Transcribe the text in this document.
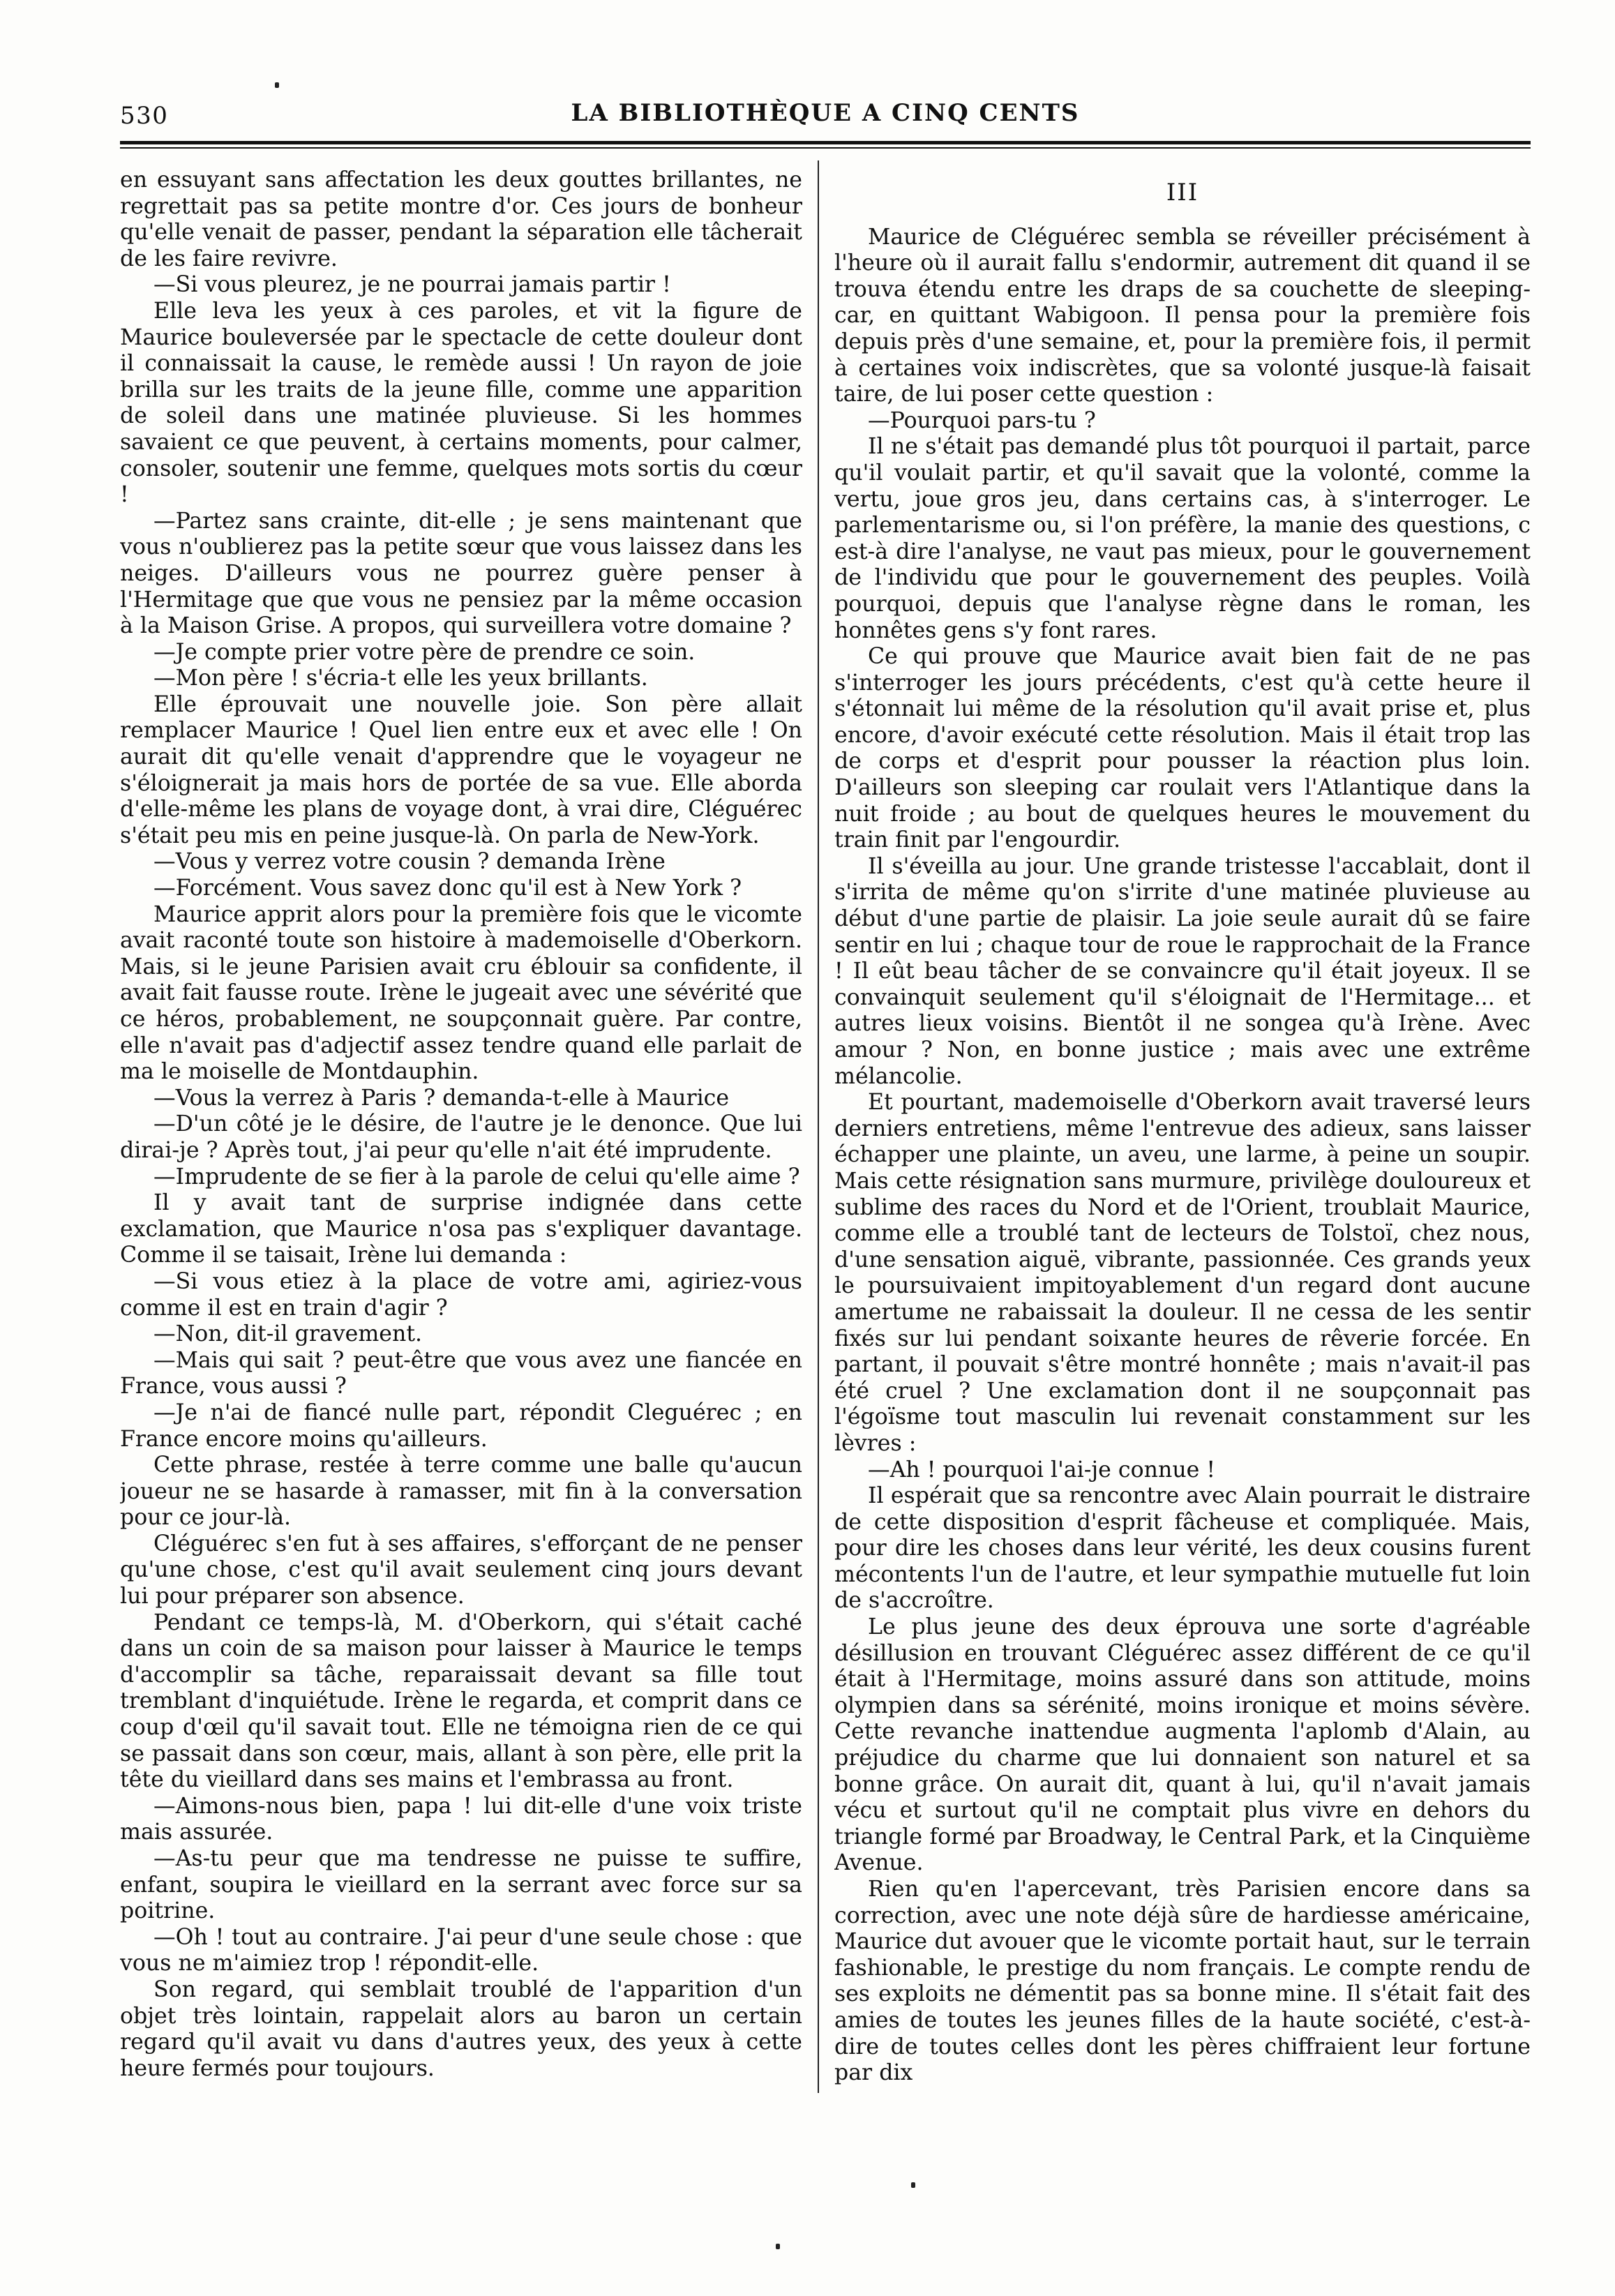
530	LA BIBLIOTHÈQUE A CINQ CENTS

en essuyant sans affectation les deux gouttes brillantes, ne regrettait pas sa petite montre d'or. Ces jours de bonheur qu'elle venait de passer, pendant la séparation elle tâcherait de les faire revivre.

—Si vous pleurez, je ne pourrai jamais partir !

Elle leva les yeux à ces paroles, et vit la figure de Maurice bouleversée par le spectacle de cette douleur dont il connaissait la cause, le remède aussi ! Un rayon de joie brilla sur les traits de la jeune fille, comme une apparition de soleil dans une matinée pluvieuse. Si les hommes savaient ce que peuvent, à certains moments, pour calmer, consoler, soutenir une femme, quelques mots sortis du cœur !

—Partez sans crainte, dit-elle ; je sens maintenant que vous n'oublierez pas la petite sœur que vous laissez dans les neiges. D'ailleurs vous ne pourrez guère penser à l'Hermitage que que vous ne pensiez par la même occasion à la Maison Grise. A propos, qui surveillera votre domaine ?

—Je compte prier votre père de prendre ce soin.

—Mon père ! s'écria-t elle les yeux brillants.

Elle éprouvait une nouvelle joie. Son père allait remplacer Maurice ! Quel lien entre eux et avec elle ! On aurait dit qu'elle venait d'apprendre que le voyageur ne s'éloignerait ja mais hors de portée de sa vue. Elle aborda d'elle-même les plans de voyage dont, à vrai dire, Cléguérec s'était peu mis en peine jusque-là. On parla de New-York.

—Vous y verrez votre cousin ? demanda Irène

—Forcément. Vous savez donc qu'il est à New York ?

Maurice apprit alors pour la première fois que le vicomte avait raconté toute son histoire à mademoiselle d'Oberkorn. Mais, si le jeune Parisien avait cru éblouir sa confidente, il avait fait fausse route. Irène le jugeait avec une sévérité que ce héros, probablement, ne soupçonnait guère. Par contre, elle n'avait pas d'adjectif assez tendre quand elle parlait de ma le moiselle de Montdauphin.

—Vous la verrez à Paris ? demanda-t-elle à Maurice

—D'un côté je le désire, de l'autre je le denonce. Que lui dirai-je ? Après tout, j'ai peur qu'elle n'ait été imprudente.

—Imprudente de se fier à la parole de celui qu'elle aime ?

Il y avait tant de surprise indignée dans cette exclamation, que Maurice n'osa pas s'expliquer davantage. Comme il se taisait, Irène lui demanda :

—Si vous etiez à la place de votre ami, agiriez-vous comme il est en train d'agir ?

—Non, dit-il gravement.

—Mais qui sait ? peut-être que vous avez une fiancée en France, vous aussi ?

—Je n'ai de fiancé nulle part, répondit Cleguérec ; en France encore moins qu'ailleurs.

Cette phrase, restée à terre comme une balle qu'aucun joueur ne se hasarde à ramasser, mit fin à la conversation pour ce jour-là.

Cléguérec s'en fut à ses affaires, s'efforçant de ne penser qu'une chose, c'est qu'il avait seulement cinq jours devant lui pour préparer son absence.

Pendant ce temps-là, M. d'Oberkorn, qui s'était caché dans un coin de sa maison pour laisser à Maurice le temps d'accomplir sa tâche, reparaissait devant sa fille tout tremblant d'inquiétude. Irène le regarda, et comprit dans ce coup d'œil qu'il savait tout. Elle ne témoigna rien de ce qui se passait dans son cœur, mais, allant à son père, elle prit la tête du vieillard dans ses mains et l'embrassa au front.

—Aimons-nous bien, papa ! lui dit-elle d'une voix triste mais assurée.

—As-tu peur que ma tendresse ne puisse te suffire, enfant, soupira le vieillard en la serrant avec force sur sa poitrine.

—Oh ! tout au contraire. J'ai peur d'une seule chose : que vous ne m'aimiez trop ! répondit-elle.

Son regard, qui semblait troublé de l'apparition d'un objet très lointain, rappelait alors au baron un certain regard qu'il avait vu dans d'autres yeux, des yeux à cette heure fermés pour toujours.

III

Maurice de Cléguérec sembla se réveiller précisément à l'heure où il aurait fallu s'endormir, autrement dit quand il se trouva étendu entre les draps de sa couchette de sleeping-car, en quittant Wabigoon. Il pensa pour la première fois depuis près d'une semaine, et, pour la première fois, il permit à certaines voix indiscrètes, que sa volonté jusque-là faisait taire, de lui poser cette question :

—Pourquoi pars-tu ?

Il ne s'était pas demandé plus tôt pourquoi il partait, parce qu'il voulait partir, et qu'il savait que la volonté, comme la vertu, joue gros jeu, dans certains cas, à s'interroger. Le parlementarisme ou, si l'on préfère, la manie des questions, c est-à dire l'analyse, ne vaut pas mieux, pour le gouvernement de l'individu que pour le gouvernement des peuples. Voilà pourquoi, depuis que l'analyse règne dans le roman, les honnêtes gens s'y font rares.

Ce qui prouve que Maurice avait bien fait de ne pas s'interroger les jours précédents, c'est qu'à cette heure il s'étonnait lui même de la résolution qu'il avait prise et, plus encore, d'avoir exécuté cette résolution. Mais il était trop las de corps et d'esprit pour pousser la réaction plus loin. D'ailleurs son sleeping car roulait vers l'Atlantique dans la nuit froide ; au bout de quelques heures le mouvement du train finit par l'engourdir.

Il s'éveilla au jour. Une grande tristesse l'accablait, dont il s'irrita de même qu'on s'irrite d'une matinée pluvieuse au début d'une partie de plaisir. La joie seule aurait dû se faire sentir en lui ; chaque tour de roue le rapprochait de la France ! Il eût beau tâcher de se convaincre qu'il était joyeux. Il se convainquit seulement qu'il s'éloignait de l'Hermitage... et autres lieux voisins. Bientôt il ne songea qu'à Irène. Avec amour ? Non, en bonne justice ; mais avec une extrême mélancolie.

Et pourtant, mademoiselle d'Oberkorn avait traversé leurs derniers entretiens, même l'entrevue des adieux, sans laisser échapper une plainte, un aveu, une larme, à peine un soupir. Mais cette résignation sans murmure, privilège douloureux et sublime des races du Nord et de l'Orient, troublait Maurice, comme elle a troublé tant de lecteurs de Tolstoï, chez nous, d'une sensation aiguë, vibrante, passionnée. Ces grands yeux le poursuivaient impitoyablement d'un regard dont aucune amertume ne rabaissait la douleur. Il ne cessa de les sentir fixés sur lui pendant soixante heures de rêverie forcée. En partant, il pouvait s'être montré honnête ; mais n'avait-il pas été cruel ? Une exclamation dont il ne soupçonnait pas l'égoïsme tout masculin lui revenait constamment sur les lèvres :

—Ah ! pourquoi l'ai-je connue !

Il espérait que sa rencontre avec Alain pourrait le distraire de cette disposition d'esprit fâcheuse et compliquée. Mais, pour dire les choses dans leur vérité, les deux cousins furent mécontents l'un de l'autre, et leur sympathie mutuelle fut loin de s'accroître.

Le plus jeune des deux éprouva une sorte d'agréable désillusion en trouvant Cléguérec assez différent de ce qu'il était à l'Hermitage, moins assuré dans son attitude, moins olympien dans sa sérénité, moins ironique et moins sévère. Cette revanche inattendue augmenta l'aplomb d'Alain, au préjudice du charme que lui donnaient son naturel et sa bonne grâce. On aurait dit, quant à lui, qu'il n'avait jamais vécu et surtout qu'il ne comptait plus vivre en dehors du triangle formé par Broadway, le Central Park, et la Cinquième Avenue.

Rien qu'en l'apercevant, très Parisien encore dans sa correction, avec une note déjà sûre de hardiesse américaine, Maurice dut avouer que le vicomte portait haut, sur le terrain fashionable, le prestige du nom français. Le compte rendu de ses exploits ne démentit pas sa bonne mine. Il s'était fait des amies de toutes les jeunes filles de la haute société, c'est-à-dire de toutes celles dont les pères chiffraient leur fortune par dix
